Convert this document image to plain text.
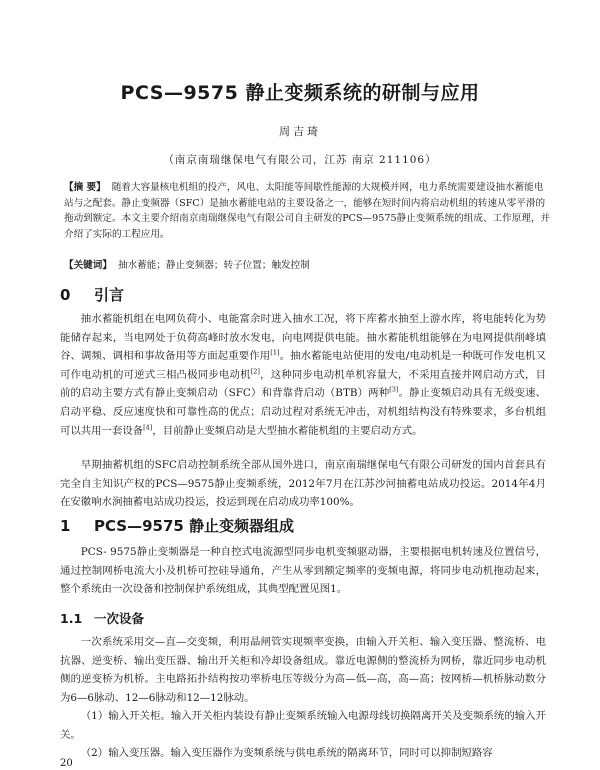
PCS—9575 静止变频系统的研制与应用
周吉琦
（南京南瑞继保电气有限公司，江苏 南京 211106）
【摘 要】 随着大容量核电机组的投产，风电、太阳能等间歇性能源的大规模并网，电力系统需要建设抽水蓄能电站与之配套。静止变频器（SFC）是抽水蓄能电站的主要设备之一，能够在短时间内将启动机组的转速从零平滑的拖动到额定。本文主要介绍南京南瑞继保电气有限公司自主研发的PCS—9575静止变频系统的组成、工作原理，并介绍了实际的工程应用。
【关键词】 抽水蓄能；静止变频器；转子位置；触发控制
0 引言

抽水蓄能机组在电网负荷小、电能富余时进入抽水工况，将下库蓄水抽至上游水库，将电能转化为势能储存起来，当电网处于负荷高峰时放水发电，向电网提供电能。抽水蓄能机组能够在为电网提供削峰填谷、调频、调相和事故备用等方面起重要作用[1]。抽水蓄能电站使用的发电/电动机是一种既可作发电机又可作电动机的可逆式三相凸极同步电动机[2]，这种同步电动机单机容量大，不采用直接并网启动方式，目前的启动主要方式有静止变频启动（SFC）和背靠背启动（BTB）两种[3]。静止变频启动具有无级变速、启动平稳、反应速度快和可靠性高的优点；启动过程对系统无冲击，对机组结构没有特殊要求，多台机组可以共用一套设备[4]，目前静止变频启动是大型抽水蓄能机组的主要启动方式。

早期抽蓄机组的SFC启动控制系统全部从国外进口，南京南瑞继保电气有限公司研发的国内首套具有完全自主知识产权的PCS—9575静止变频系统，2012年7月在江苏沙河抽蓄电站成功投运。2014年4月在安徽响水涧抽蓄电站成功投运，投运到现在启动成功率100%。

1 PCS—9575 静止变频器组成

PCS- 9575静止变频器是一种自控式电流源型同步电机变频驱动器，主要根据电机转速及位置信号，通过控制网桥电流大小及机桥可控硅导通角，产生从零到额定频率的变频电源，将同步电动机拖动起来，整个系统由一次设备和控制保护系统组成，其典型配置见图1。

1.1 一次设备

一次系统采用交—直—交变频，利用晶闸管实现频率变换，由输入开关柜、输入变压器、整流桥、电抗器、逆变桥、输出变压器、输出开关柜和冷却设备组成。靠近电源侧的整流桥为网桥，靠近同步电动机侧的逆变桥为机桥。主电路拓扑结构按功率桥电压等级分为高—低—高，高—高；按网桥—机桥脉动数分为6—6脉动、12—6脉动和12—12脉动。

（1）输入开关柜。输入开关柜内装设有静止变频系统输入电源母线切换隔离开关及变频系统的输入开关。

（2）输入变压器。输入变压器作为变频系统与供电系统的隔离环节，同时可以抑制短路容

20
